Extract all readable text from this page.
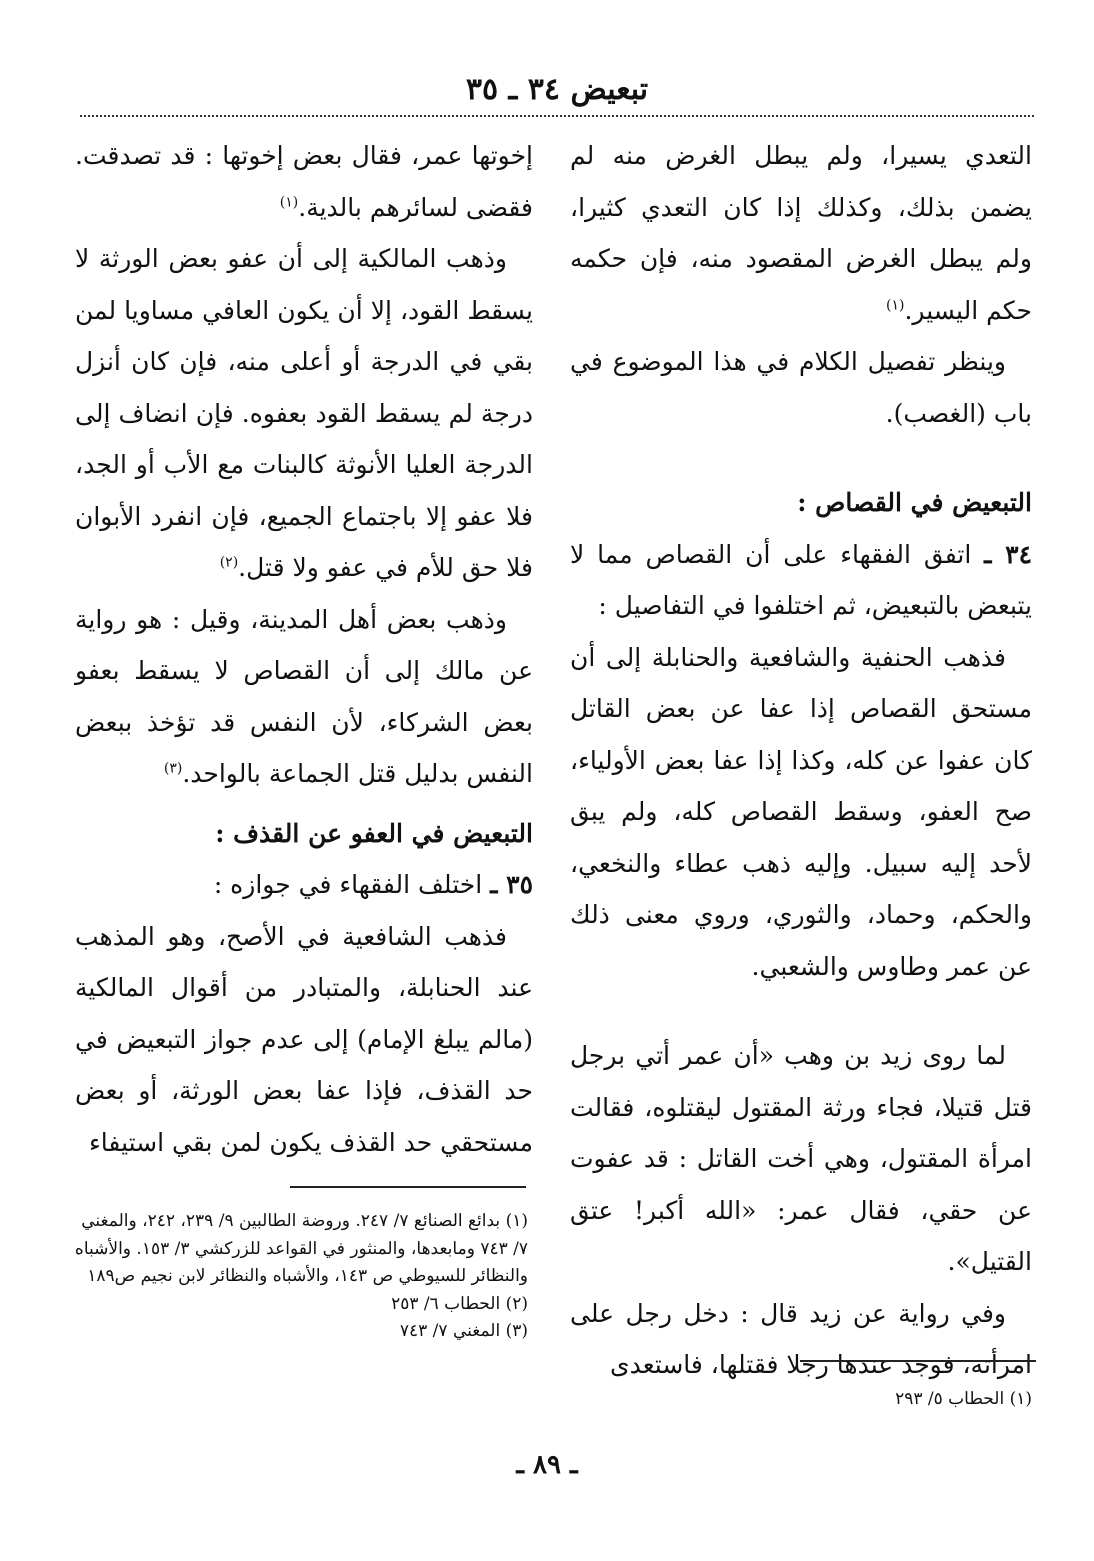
تبعيض ٣٤ ـ ٣٥

التعدي يسيرا، ولم يبطل الغرض منه لم يضمن بذلك، وكذلك إذا كان التعدي كثيرا، ولم يبطل الغرض المقصود منه، فإن حكمه حكم اليسير.$^{(١)}$

وينظر تفصيل الكلام في هذا الموضوع في باب (الغصب).

التبعيض في القصاص :

٣٤ ـ اتفق الفقهاء على أن القصاص مما لا يتبعض بالتبعيض، ثم اختلفوا في التفاصيل :

فذهب الحنفية والشافعية والحنابلة إلى أن مستحق القصاص إذا عفا عن بعض القاتل كان عفوا عن كله، وكذا إذا عفا بعض الأولياء، صح العفو، وسقط القصاص كله، ولم يبق لأحد إليه سبيل. وإليه ذهب عطاء والنخعي، والحكم، وحماد، والثوري، وروي معنى ذلك عن عمر وطاوس والشعبي.

لما روى زيد بن وهب «أن عمر أتي برجل قتل قتيلا، فجاء ورثة المقتول ليقتلوه، فقالت امرأة المقتول، وهي أخت القاتل : قد عفوت عن حقي، فقال عمر: «الله أكبر! عتق القتيل».

وفي رواية عن زيد قال : دخل رجل على امرأته، فوجد عندها رجلا فقتلها، فاستعدى

إخوتها عمر، فقال بعض إخوتها : قد تصدقت. فقضى لسائرهم بالدية.$^{(١)}$

وذهب المالكية إلى أن عفو بعض الورثة لا يسقط القود، إلا أن يكون العافي مساويا لمن بقي في الدرجة أو أعلى منه، فإن كان أنزل درجة لم يسقط القود بعفوه. فإن انضاف إلى الدرجة العليا الأنوثة كالبنات مع الأب أو الجد، فلا عفو إلا باجتماع الجميع، فإن انفرد الأبوان فلا حق للأم في عفو ولا قتل.$^{(٢)}$

وذهب بعض أهل المدينة، وقيل : هو رواية عن مالك إلى أن القصاص لا يسقط بعفو بعض الشركاء، لأن النفس قد تؤخذ ببعض النفس بدليل قتل الجماعة بالواحد.$^{(٣)}$

التبعيض في العفو عن القذف :

٣٥ ـ اختلف الفقهاء في جوازه :

فذهب الشافعية في الأصح، وهو المذهب عند الحنابلة، والمتبادر من أقوال المالكية (مالم يبلغ الإمام) إلى عدم جواز التبعيض في حد القذف، فإذا عفا بعض الورثة، أو بعض مستحقي حد القذف يكون لمن بقي استيفاء

(١) الحطاب ٥/ ٢٩٣

(١) بدائع الصنائع ٧/ ٢٤٧. وروضة الطالبين ٩/ ٢٣٩، ٢٤٢، والمغني ٧/ ٧٤٣ ومابعدها، والمنثور في القواعد للزركشي ٣/ ١٥٣. والأشباه والنظائر للسيوطي ص ١٤٣، والأشباه والنظائر لابن نجيم ص١٨٩

(٢) الحطاب ٦/ ٢٥٣

(٣) المغني ٧/ ٧٤٣

ـ ٨٩ ـ
